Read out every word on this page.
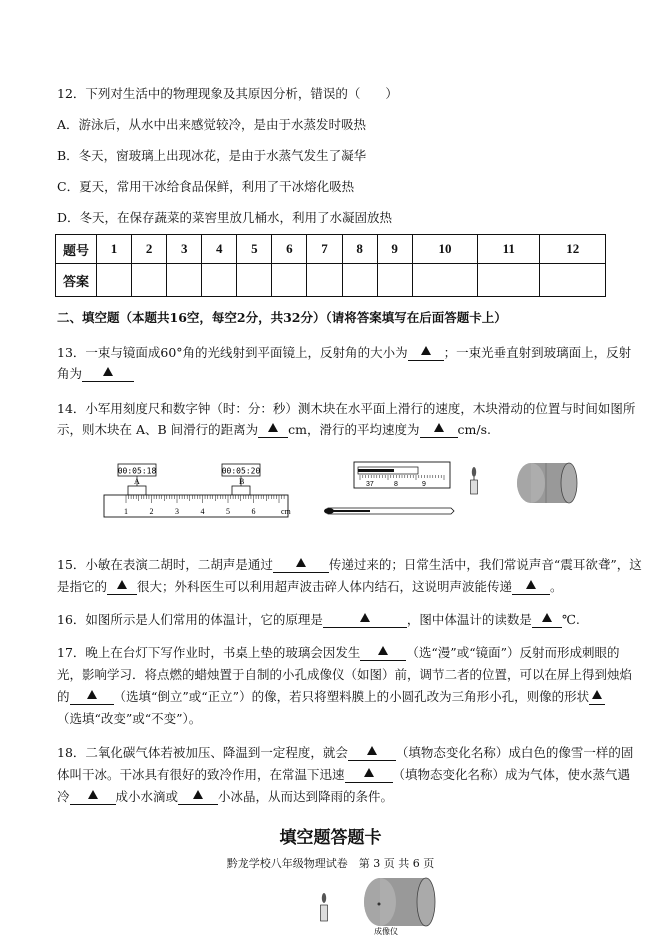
12．下列对生活中的物理现象及其原因分析，错误的（　　）
A．游泳后，从水中出来感觉较冷，是由于水蒸发时吸热
B．冬天，窗玻璃上出现冰花，是由于水蒸气发生了凝华
C．夏天，常用干冰给食品保鲜，利用了干冰熔化吸热
D．冬天，在保存蔬菜的菜窖里放几桶水，利用了水凝固放热
题号	1	2	3	4	5	6	7	8	9	10	11	12
答案												
二、填空题（本题共16空，每空2分，共32分）（请将答案填写在后面答题卡上）
13．一束与镜面成60°角的光线射到平面镜上，反射角的大小为	；一束光垂直射到玻璃面上，反射
角为
14．小军用刻度尺和数字钟（时：分：秒）测木块在水平面上滑行的速度，木块滑动的位置与时间如图所
示，则木块在 A、B 间滑行的距离为 cm，滑行的平均速度为	cm/s.
00:05:18	00:05:20
A	B
1	2	3	4	5	6	cm
37	8	9
15．小敏在表演二胡时，二胡声是通过	传递过来的；日常生活中，我们常说声音“震耳欲聋”，这
是指它的 很大；外科医生可以利用超声波击碎人体内结石，这说明声波能传递	。
16．如图所示是人们常用的体温计，它的原理是	，图中体温计的读数是 ℃.
17．晚上在台灯下写作业时，书桌上垫的玻璃会因发生	（选“漫”或“镜面”）反射而形成刺眼的
光，影响学习．将点燃的蜡烛置于自制的小孔成像仪（如图）前，调节二者的位置，可以在屏上得到烛焰
的	（选填“倒立”或“正立”）的像，若只将塑料膜上的小圆孔改为三角形小孔，则像的形状
（选填“改变”或“不变”）。
18．二氧化碳气体若被加压、降温到一定程度，就会	（填物态变化名称）成白色的像雪一样的固
体叫干冰。干冰具有很好的致冷作用，在常温下迅速	（填物态变化名称）成为气体，使水蒸气遇
冷	成小水滴或	小冰晶，从而达到降雨的条件。
填空题答题卡
黔龙学校八年级物理试卷　第 3 页 共 6 页
成像仪
